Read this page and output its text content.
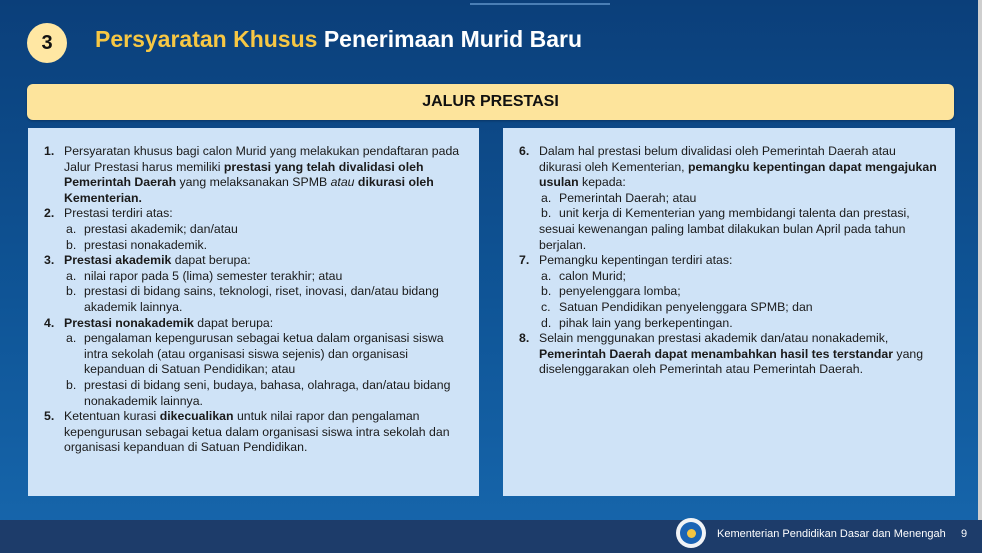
3 Persyaratan Khusus Penerimaan Murid Baru
JALUR PRESTASI
1. Persyaratan khusus bagi calon Murid yang melakukan pendaftaran pada Jalur Prestasi harus memiliki prestasi yang telah divalidasi oleh Pemerintah Daerah yang melaksanakan SPMB atau dikurasi oleh Kementerian.
2. Prestasi terdiri atas:
a. prestasi akademik; dan/atau
b. prestasi nonakademik.
3. Prestasi akademik dapat berupa:
a. nilai rapor pada 5 (lima) semester terakhir; atau
b. prestasi di bidang sains, teknologi, riset, inovasi, dan/atau bidang akademik lainnya.
4. Prestasi nonakademik dapat berupa:
a. pengalaman kepengurusan sebagai ketua dalam organisasi siswa intra sekolah (atau organisasi siswa sejenis) dan organisasi kepanduan di Satuan Pendidikan; atau
b. prestasi di bidang seni, budaya, bahasa, olahraga, dan/atau bidang nonakademik lainnya.
5. Ketentuan kurasi dikecualikan untuk nilai rapor dan pengalaman kepengurusan sebagai ketua dalam organisasi siswa intra sekolah dan organisasi kepanduan di Satuan Pendidikan.
6. Dalam hal prestasi belum divalidasi oleh Pemerintah Daerah atau dikurasi oleh Kementerian, pemangku kepentingan dapat mengajukan usulan kepada:
a. Pemerintah Daerah; atau
b. unit kerja di Kementerian yang membidangi talenta dan prestasi,
sesuai kewenangan paling lambat dilakukan bulan April pada tahun berjalan.
7. Pemangku kepentingan terdiri atas:
a. calon Murid;
b. penyelenggara lomba;
c. Satuan Pendidikan penyelenggara SPMB; dan
d. pihak lain yang berkepentingan.
8. Selain menggunakan prestasi akademik dan/atau nonakademik, Pemerintah Daerah dapat menambahkan hasil tes terstandar yang diselenggarakan oleh Pemerintah atau Pemerintah Daerah.
Kementerian Pendidikan Dasar dan Menengah 9
